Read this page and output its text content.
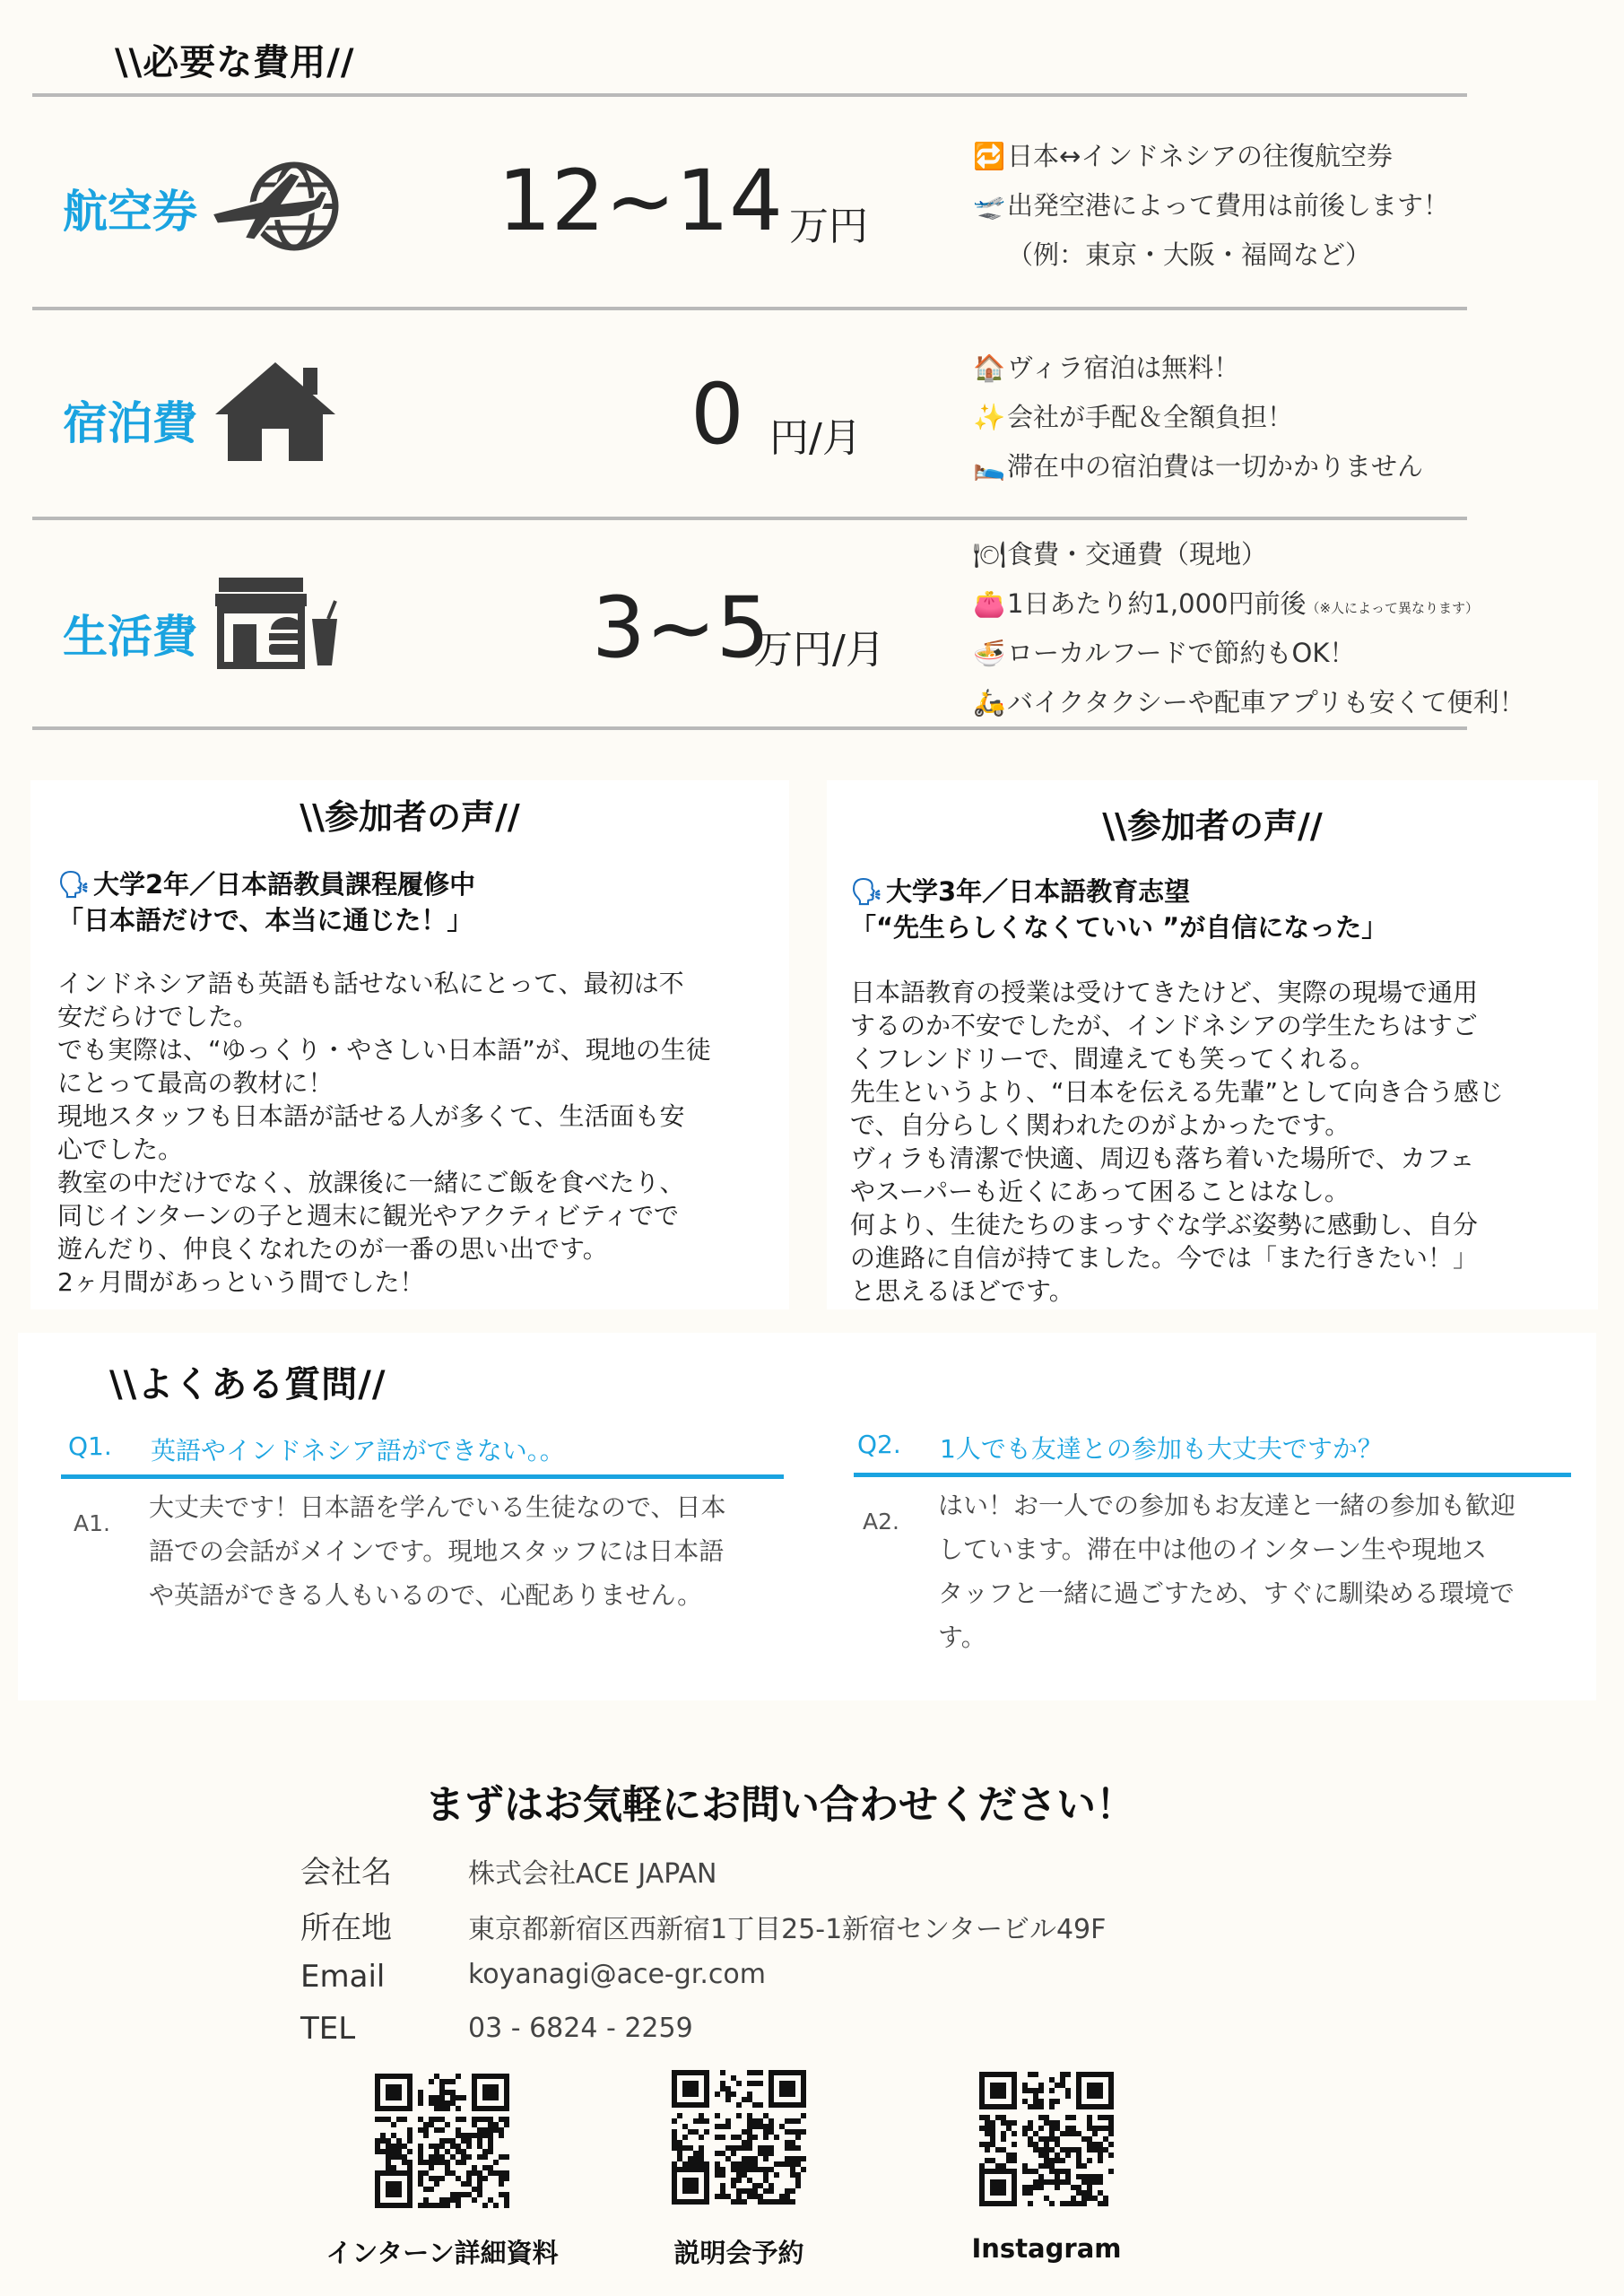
\\必要な費用//
航空券	12~14 万円
🔁日本↔インドネシアの往復航空券
🛫出発空港によって費用は前後します！
（例：東京・大阪・福岡など）
宿泊費	0 円/月
🏠ヴィラ宿泊は無料！
✨会社が手配＆全額負担！
🛌滞在中の宿泊費は一切かかりません
生活費	3~5
万円/月
🍽食費・交通費（現地）
👛1日あたり約1,000円前後（※人によって異なります）
🍜ローカルフードで節約もOK！
🛵バイクタクシーや配車アプリも安くて便利！
\\参加者の声//
🗣 大学2年／日本語教員課程履修中
「日本語だけで、本当に通じた！」
インドネシア語も英語も話せない私にとって、最初は不
安だらけでした。
でも実際は、“ゆっくり・やさしい日本語”が、現地の生徒
にとって最高の教材に！
現地スタッフも日本語が話せる人が多くて、生活面も安
心でした。
教室の中だけでなく、放課後に一緒にご飯を食べたり、
同じインターンの子と週末に観光やアクティビティでで
遊んだり、仲良くなれたのが一番の思い出です。
2ヶ月間があっという間でした！
\\参加者の声//
🗣 大学3年／日本語教育志望
「“先生らしくなくていい ”が自信になった」
日本語教育の授業は受けてきたけど、実際の現場で通用
するのか不安でしたが、インドネシアの学生たちはすご
くフレンドリーで、間違えても笑ってくれる。
先生というより、“日本を伝える先輩”として向き合う感じ
で、自分らしく関われたのがよかったです。
ヴィラも清潔で快適、周辺も落ち着いた場所で、カフェ
やスーパーも近くにあって困ることはなし。
何より、生徒たちのまっすぐな学ぶ姿勢に感動し、自分
の進路に自信が持てました。今では「また行きたい！」
と思えるほどです。
\\よくある質問//
Q1. 英語やインドネシア語ができない。。
A1.
大丈夫です！日本語を学んでいる生徒なので、日本
語での会話がメインです。現地スタッフには日本語
や英語ができる人もいるので、心配ありません。
Q2. 1人でも友達との参加も大丈夫ですか？
A2.
はい！お一人での参加もお友達と一緒の参加も歓迎
しています。滞在中は他のインターン生や現地ス
タッフと一緒に過ごすため、すぐに馴染める環境で
す。
まずはお気軽にお問い合わせください！
会社名	株式会社ACE JAPAN
所在地	東京都新宿区西新宿1丁目25-1新宿センタービル49F
Email	koyanagi@ace-gr.com
TEL	03 - 6824 - 2259
インターン詳細資料	説明会予約	Instagram
